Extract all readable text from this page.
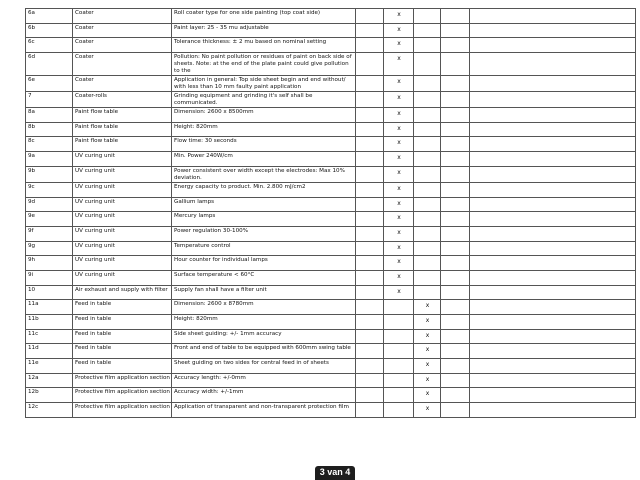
6a	Coater	Roll coater type for one side painting (top coat side)		x			
6b	Coater	Paint layer: 25 - 35 mu adjustable		x			
6c	Coater	Tolerance thickness: ± 2 mu based on nominal setting		x			
6d	Coater	Pollution: No paint pollution or residues of paint on back side of sheets. Note: at the end of the plate paint could give pollution to the		x			
6e	Coater	Application in general: Top side sheet begin and end without/ with less than 10 mm faulty paint application		x			
7	Coater-rolls	Grinding equipment and grinding it's self shall be communicated.		x			
8a	Paint flow table	Dimension: 2600 x 8500mm		x			
8b	Paint flow table	Height: 820mm		x			
8c	Paint flow table	Flow time: 30 seconds		x			
9a	UV curing unit	Min. Power 240W/cm		x			
9b	UV curing unit	Power consistent over width except the electrodes: Max 10% deviation.		x			
9c	UV curing unit	Energy capacity to product. Min. 2.800 mJ/cm2		x			
9d	UV curing unit	Gallium lamps		x			
9e	UV curing unit	Mercury lamps		x			
9f	UV curing unit	Power regulation 30-100%		x			
9g	UV curing unit	Temperature control		x			
9h	UV curing unit	Hour counter for individual lamps		x			
9i	UV curing unit	Surface temperature < 60°C		x			
10	Air exhaust and supply with filter	Supply fan shall have a filter unit		x			
11a	Feed in table	Dimension: 2600 x 8780mm			x		
11b	Feed in table	Height: 820mm			x		
11c	Feed in table	Side sheet guiding: +/- 1mm accuracy			x		
11d	Feed in table	Front and end of table to be equipped with 600mm swing table			x		
11e	Feed in table	Sheet guiding on two sides for central feed in of sheets			x		
12a	Protective film application section	Accuracy length: +/-0mm			x		
12b	Protective film application section	Accuracy width: +/-1mm			x		
12c	Protective film application section	Application of transparent and non-transparent protection film			x		
3 van 4
